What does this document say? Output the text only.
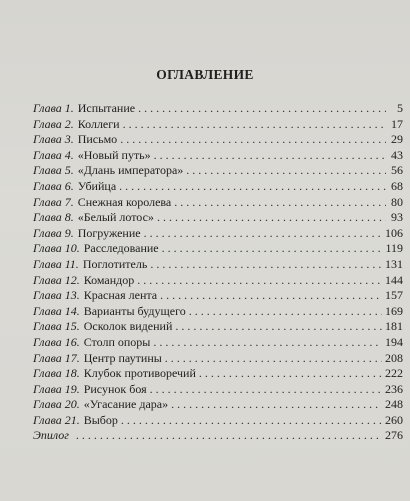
ОГЛАВЛЕНИЕ
Глава 1. Испытание . . .	5
Глава 2. Коллеги . . .	17
Глава 3. Письмо . . .	29
Глава 4. «Новый путь» . . .	43
Глава 5. «Длань императора» . . .	56
Глава 6. Убийца . . .	68
Глава 7. Снежная королева . . .	80
Глава 8. «Белый лотос» . . .	93
Глава 9. Погружение . . .	106
Глава 10. Расследование . . .	119
Глава 11. Поглотитель . . .	131
Глава 12. Командор . . .	144
Глава 13. Красная лента . . .	157
Глава 14. Варианты будущего . . .	169
Глава 15. Осколок видений . . .	181
Глава 16. Столп опоры . . .	194
Глава 17. Центр паутины . . .	208
Глава 18. Клубок противоречий . . .	222
Глава 19. Рисунок боя . . .	236
Глава 20. «Угасание дара» . . .	248
Глава 21. Выбор . . .	260
Эпилог . . .	276
